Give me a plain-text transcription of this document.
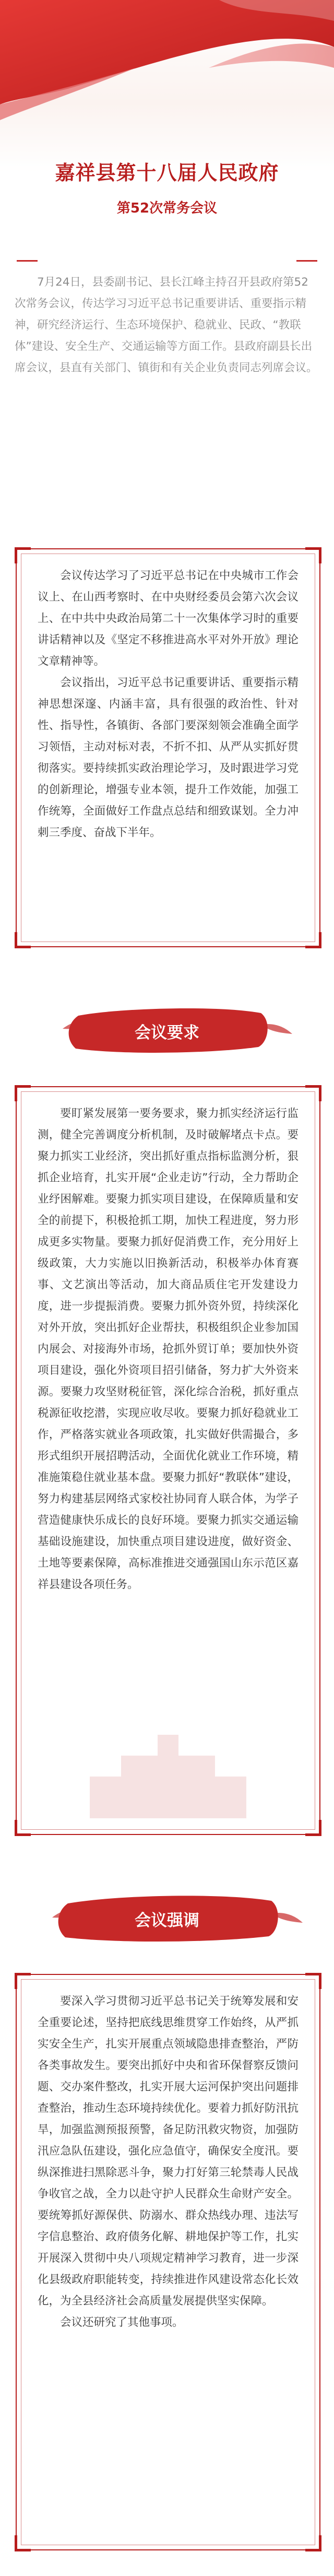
嘉祥县第十八届人民政府
第52次常务会议
7月24日，县委副书记、县长江峰主持召开县政府第52次常务会议，传达学习习近平总书记重要讲话、重要指示精神，研究经济运行、生态环境保护、稳就业、民政、“教联体”建设、安全生产、交通运输等方面工作。县政府副县长出席会议，县直有关部门、镇街和有关企业负责同志列席会议。

会议传达学习了习近平总书记在中央城市工作会议上、在山西考察时、在中央财经委员会第六次会议上、在中共中央政治局第二十一次集体学习时的重要讲话精神以及《坚定不移推进高水平对外开放》理论文章精神等。

会议指出，习近平总书记重要讲话、重要指示精神思想深邃、内涵丰富，具有很强的政治性、针对性、指导性，各镇街、各部门要深刻领会准确全面学习领悟，主动对标对表，不折不扣、从严从实抓好贯彻落实。要持续抓实政治理论学习，及时跟进学习党的创新理论，增强专业本领，提升工作效能，加强工作统筹，全面做好工作盘点总结和细致谋划。全力冲刺三季度、奋战下半年。

会议要求

要盯紧发展第一要务要求，聚力抓实经济运行监测，健全完善调度分析机制，及时破解堵点卡点。要聚力抓实工业经济，突出抓好重点指标监测分析，狠抓企业培育，扎实开展“企业走访”行动，全力帮助企业纾困解难。要聚力抓实项目建设，在保障质量和安全的前提下，积极抢抓工期，加快工程进度，努力形成更多实物量。要聚力抓好促消费工作，充分用好上级政策，大力实施以旧换新活动，积极举办体育赛事、文艺演出等活动，加大商品质住宅开发建设力度，进一步提振消费。要聚力抓外资外贸，持续深化对外开放，突出抓好企业帮扶，积极组织企业参加国内展会、对接海外市场，抢抓外贸订单；要加快外资项目建设，强化外资项目招引储备，努力扩大外资来源。要聚力攻坚财税征管，深化综合治税，抓好重点税源征收挖潜，实现应收尽收。要聚力抓好稳就业工作，严格落实就业各项政策，扎实做好供需撮合，多形式组织开展招聘活动，全面优化就业工作环境，精准施策稳住就业基本盘。要聚力抓好“教联体”建设，努力构建基层网络式家校社协同育人联合体，为学子营造健康快乐成长的良好环境。要聚力抓实交通运输基础设施建设，加快重点项目建设进度，做好资金、土地等要素保障，高标准推进交通强国山东示范区嘉祥县建设各项任务。

会议强调

要深入学习贯彻习近平总书记关于统筹发展和安全重要论述，坚持把底线思维贯穿工作始终，从严抓实安全生产，扎实开展重点领域隐患排查整治，严防各类事故发生。要突出抓好中央和省环保督察反馈问题、交办案件整改，扎实开展大运河保护突出问题排查整治，推动生态环境持续优化。要着力抓好防汛抗旱，加强监测预报预警，备足防汛救灾物资，加强防汛应急队伍建设，强化应急值守，确保安全度汛。要纵深推进扫黑除恶斗争，聚力打好第三轮禁毒人民战争收官之战，全力以赴守护人民群众生命财产安全。要统筹抓好源保供、防溺水、群众热线办理、违法写字信息整治、政府债务化解、耕地保护等工作，扎实开展深入贯彻中央八项规定精神学习教育，进一步深化县级政府职能转变，持续推进作风建设常态化长效化，为全县经济社会高质量发展提供坚实保障。

会议还研究了其他事项。
